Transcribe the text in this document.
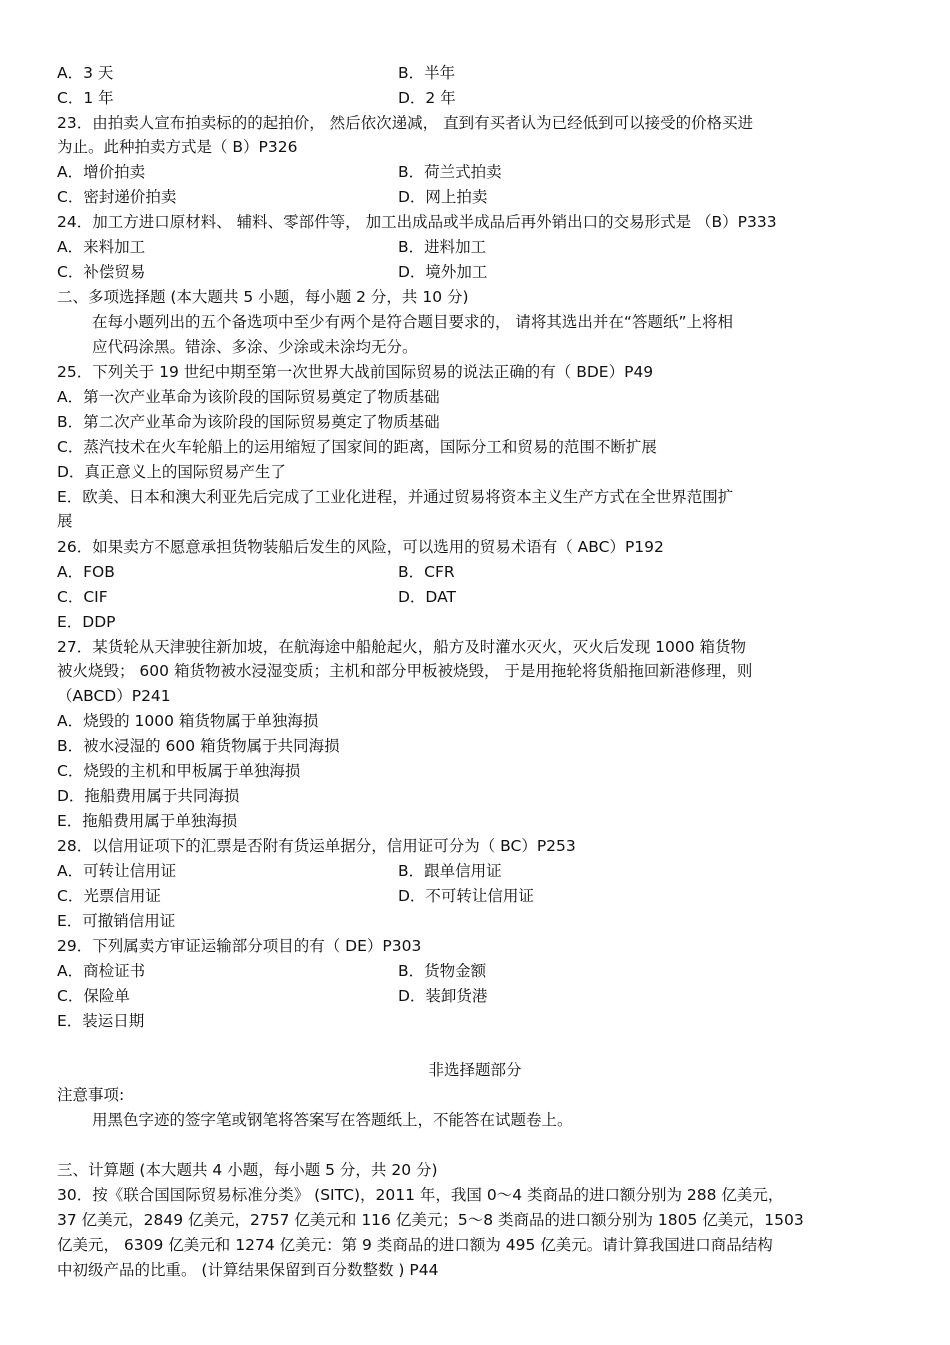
A．3 天	B．半年
C．1 年	D．2 年
23．由拍卖人宣布拍卖标的的起拍价， 然后依次递减， 直到有买者认为已经低到可以接受的价格买进
为止。此种拍卖方式是（ B）P326
A．增价拍卖	B．荷兰式拍卖
C．密封递价拍卖	D．网上拍卖
24．加工方进口原材料、 辅料、零部件等， 加工出成品或半成品后再外销出口的交易形式是 （B）P333
A．来料加工	B．进料加工
C．补偿贸易	D．境外加工
二、多项选择题 (本大题共 5 小题，每小题 2 分，共 10 分)
在每小题列出的五个备选项中至少有两个是符合题目要求的， 请将其选出并在“答题纸”上将相
应代码涂黑。错涂、多涂、少涂或未涂均无分。
25．下列关于 19 世纪中期至第一次世界大战前国际贸易的说法正确的有（ BDE）P49
A．第一次产业革命为该阶段的国际贸易奠定了物质基础
B．第二次产业革命为该阶段的国际贸易奠定了物质基础
C．蒸汽技术在火车轮船上的运用缩短了国家间的距离，国际分工和贸易的范围不断扩展
D．真正意义上的国际贸易产生了
E．欧美、日本和澳大利亚先后完成了工业化进程，并通过贸易将资本主义生产方式在全世界范围扩
展
26．如果卖方不愿意承担货物装船后发生的风险，可以选用的贸易术语有（ ABC）P192
A．FOB	B．CFR
C．CIF	D．DAT
E．DDP
27．某货轮从天津驶往新加坡，在航海途中船舱起火，船方及时灌水灭火，灭火后发现 1000 箱货物
被火烧毁； 600 箱货物被水浸湿变质；主机和部分甲板被烧毁， 于是用拖轮将货船拖回新港修理，则
（ABCD）P241
A．烧毁的 1000 箱货物属于单独海损
B．被水浸湿的 600 箱货物属于共同海损
C．烧毁的主机和甲板属于单独海损
D．拖船费用属于共同海损
E．拖船费用属于单独海损
28．以信用证项下的汇票是否附有货运单据分，信用证可分为（ BC）P253
A．可转让信用证	B．跟单信用证
C．光票信用证	D．不可转让信用证
E．可撤销信用证
29．下列属卖方审证运输部分项目的有（ DE）P303
A．商检证书	B．货物金额
C．保险单	D．装卸货港
E．装运日期
非选择题部分
注意事项:
用黑色字迹的签字笔或钢笔将答案写在答题纸上，不能答在试题卷上。
三、计算题 (本大题共 4 小题，每小题 5 分，共 20 分)
30．按《联合国国际贸易标准分类》 (SITC)，2011 年，我国 0～4 类商品的进口额分别为 288 亿美元，
37 亿美元，2849 亿美元，2757 亿美元和 116 亿美元；5～8 类商品的进口额分别为 1805 亿美元，1503
亿美元， 6309 亿美元和 1274 亿美元：第 9 类商品的进口额为 495 亿美元。请计算我国进口商品结构
中初级产品的比重。 (计算结果保留到百分数整数 ) P44
